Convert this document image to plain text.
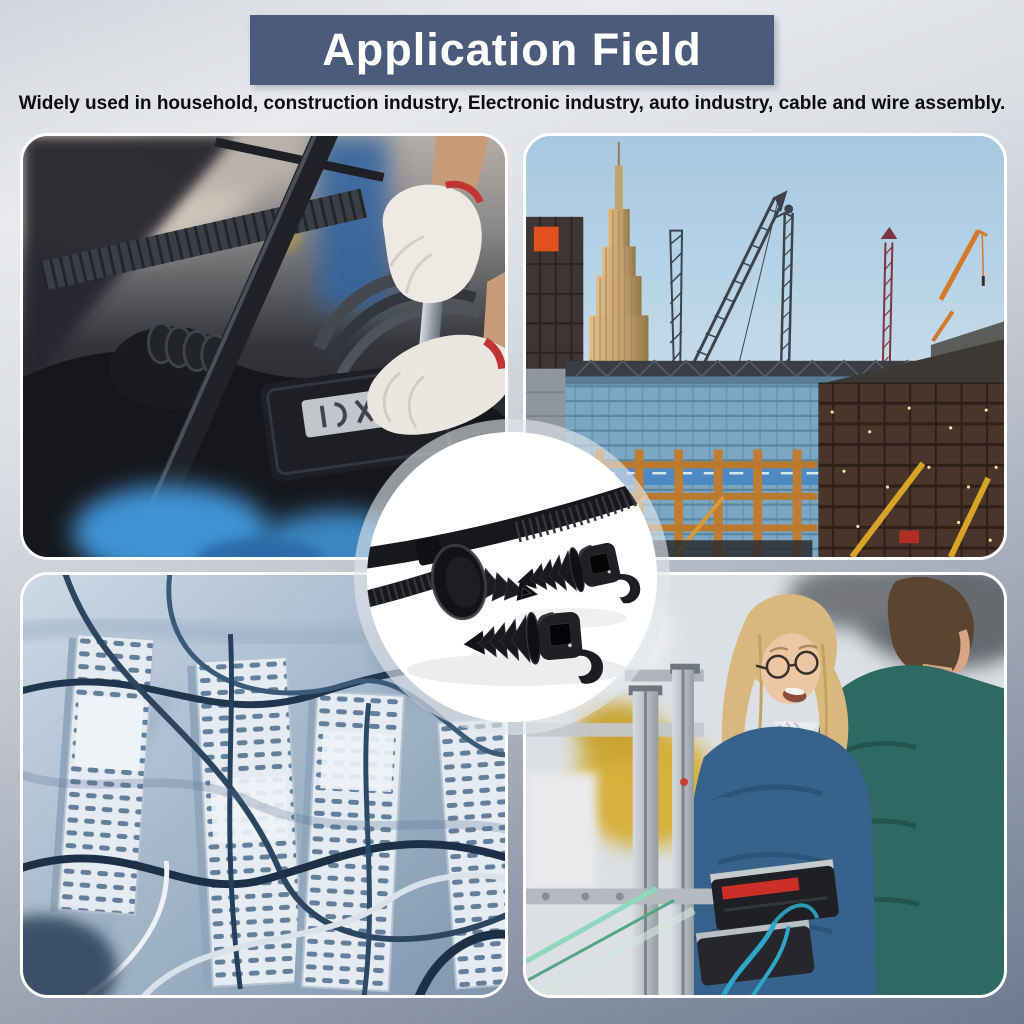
Application Field

Widely used in household, construction industry, Electronic industry, auto industry, cable and wire assembly.
